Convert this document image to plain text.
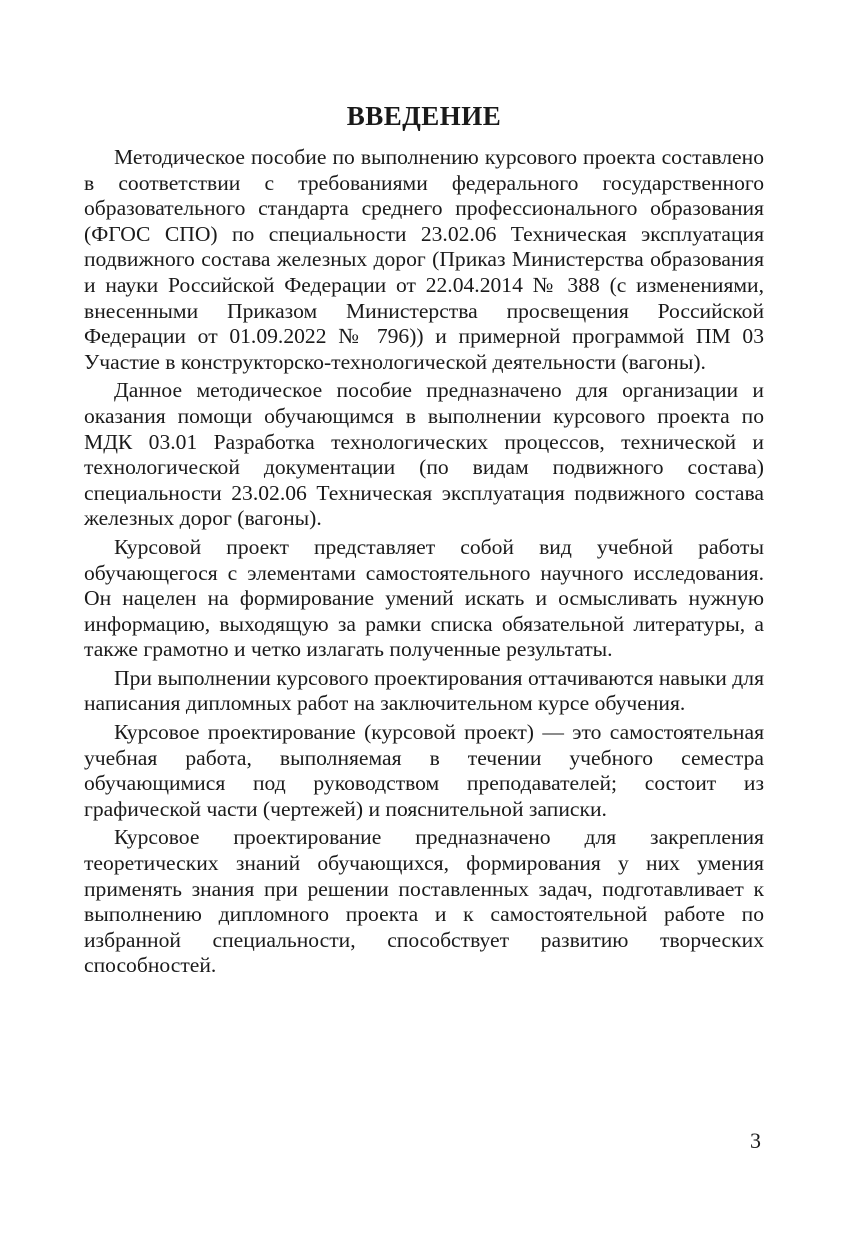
ВВЕДЕНИЕ

Методическое пособие по выполнению курсового проекта составлено в соответствии с требованиями федерального государственного образовательного стандарта среднего профессионального образования (ФГОС СПО) по специальности 23.02.06 Техническая эксплуатация подвижного состава железных дорог (Приказ Министерства образования и науки Российской Федерации от 22.04.2014 № 388 (с изменениями, внесенными Приказом Министерства просвещения Российской Федерации от 01.09.2022 № 796)) и примерной программой ПМ 03 Участие в конструкторско-технологической деятельности (вагоны).

Данное методическое пособие предназначено для организации и оказания помощи обучающимся в выполнении курсового проекта по МДК 03.01 Разработка технологических процессов, технической и технологической документации (по видам подвижного состава) специальности 23.02.06 Техническая эксплуатация подвижного состава железных дорог (вагоны).

Курсовой проект представляет собой вид учебной работы обучающегося с элементами самостоятельного научного исследования. Он нацелен на формирование умений искать и осмысливать нужную информацию, выходящую за рамки списка обязательной литературы, а также грамотно и четко излагать полученные результаты.

При выполнении курсового проектирования оттачиваются навыки для написания дипломных работ на заключительном курсе обучения.

Курсовое проектирование (курсовой проект) — это самостоятельная учебная работа, выполняемая в течении учебного семестра обучающимися под руководством преподавателей; состоит из графической части (чертежей) и пояснительной записки.

Курсовое проектирование предназначено для закрепления теоретических знаний обучающихся, формирования у них умения применять знания при решении поставленных задач, подготавливает к выполнению дипломного проекта и к самостоятельной работе по избранной специальности, способствует развитию творческих способностей.

3
